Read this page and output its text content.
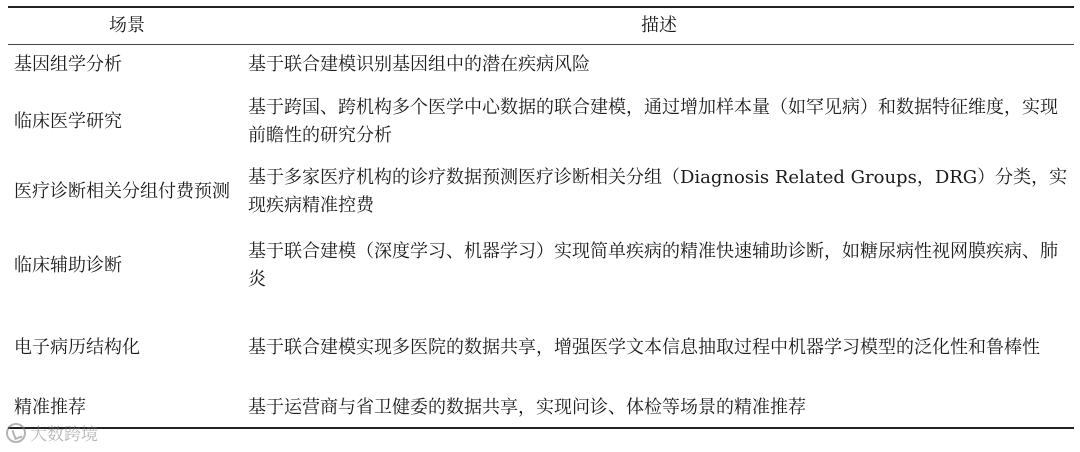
场景	描述
基因组学分析	基于联合建模识别基因组中的潜在疾病风险
临床医学研究	基于跨国、跨机构多个医学中心数据的联合建模，通过增加样本量（如罕见病）和数据特征维度，实现前瞻性的研究分析
医疗诊断相关分组付费预测	基于多家医疗机构的诊疗数据预测医疗诊断相关分组（Diagnosis Related Groups，DRG）分类，实现疾病精准控费
临床辅助诊断	基于联合建模（深度学习、机器学习）实现简单疾病的精准快速辅助诊断，如糖尿病性视网膜疾病、肺炎
电子病历结构化	基于联合建模实现多医院的数据共享，增强医学文本信息抽取过程中机器学习模型的泛化性和鲁棒性
精准推荐	基于运营商与省卫健委的数据共享，实现问诊、体检等场景的精准推荐
大数跨境
